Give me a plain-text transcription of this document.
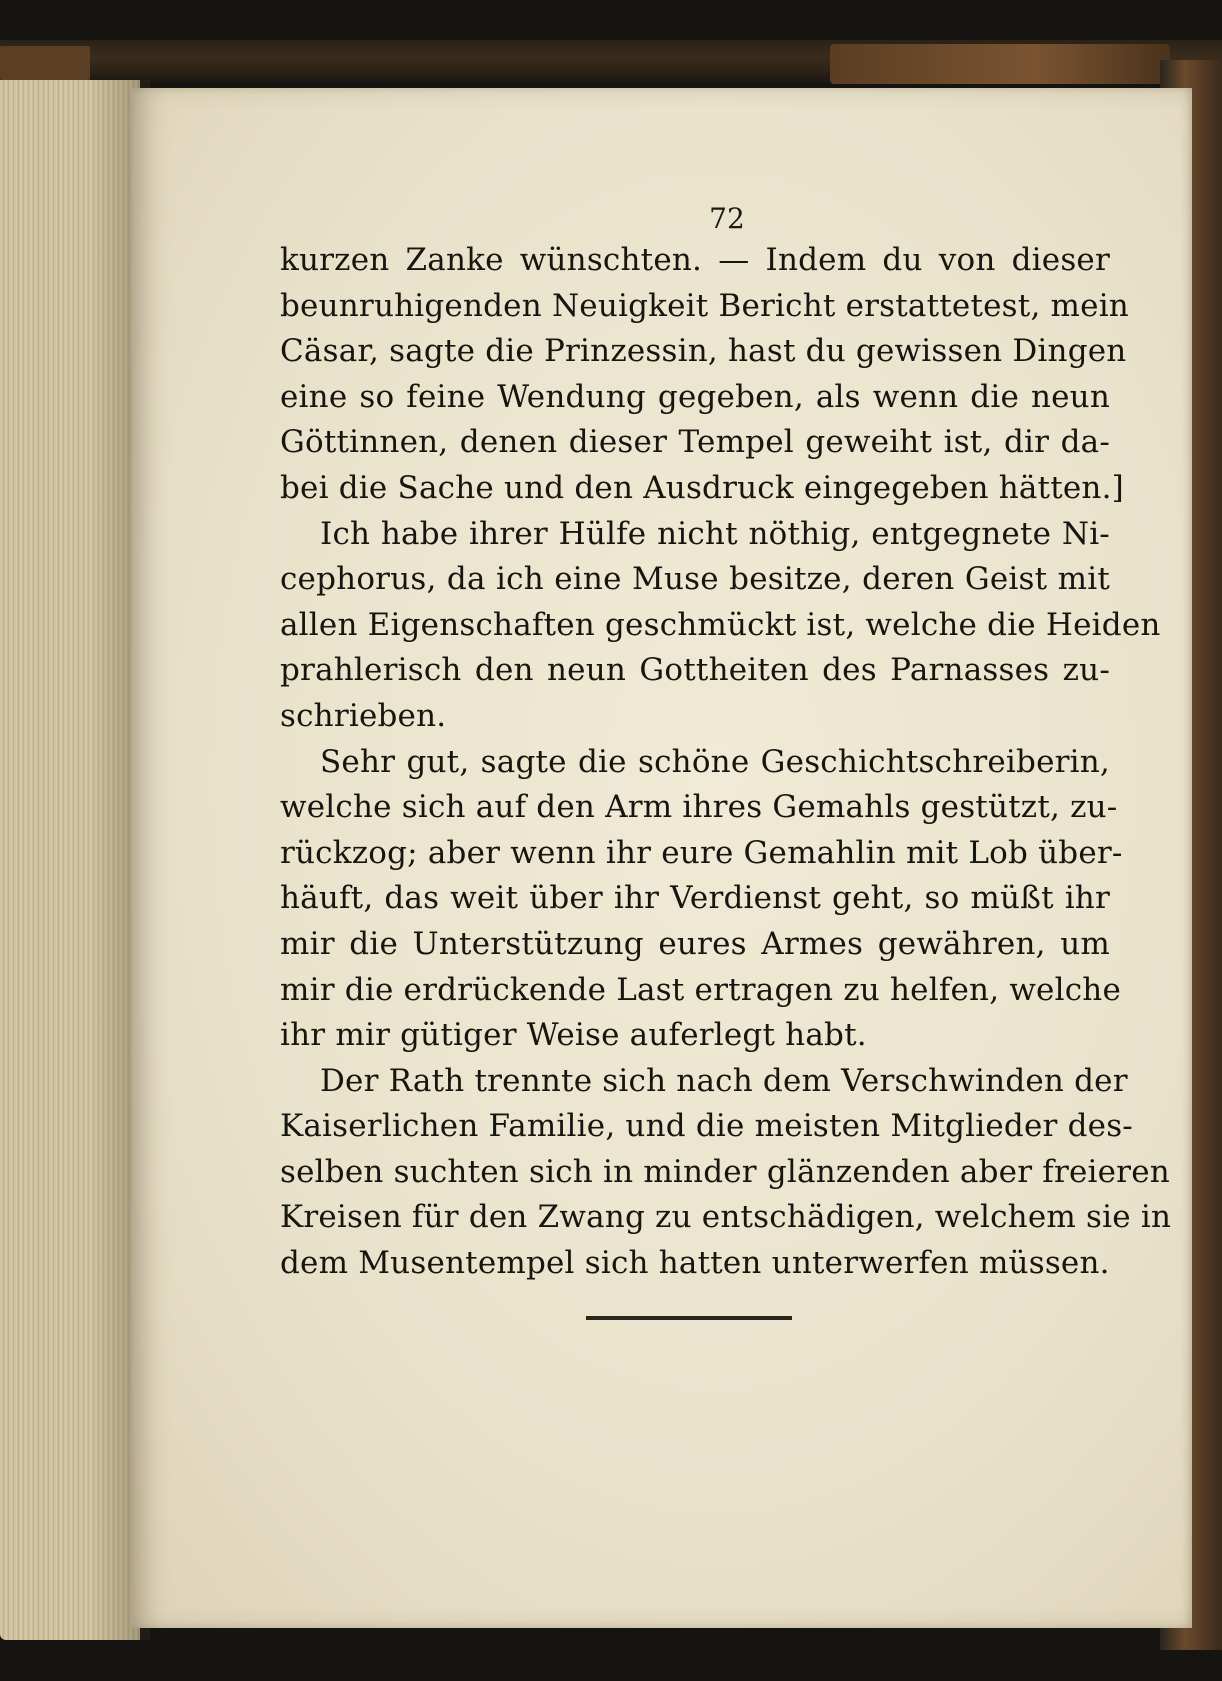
72
kurzen Zanke wünschten. — Indem du von dieser
beunruhigenden Neuigkeit Bericht erstattetest, mein
Cäsar, sagte die Prinzessin, hast du gewissen Dingen
eine so feine Wendung gegeben, als wenn die neun
Göttinnen, denen dieser Tempel geweiht ist, dir da-
bei die Sache und den Ausdruck eingegeben hätten.]
Ich habe ihrer Hülfe nicht nöthig, entgegnete Ni-
cephorus, da ich eine Muse besitze, deren Geist mit
allen Eigenschaften geschmückt ist, welche die Heiden
prahlerisch den neun Gottheiten des Parnasses zu-
schrieben.
Sehr gut, sagte die schöne Geschichtschreiberin,
welche sich auf den Arm ihres Gemahls gestützt, zu-
rückzog; aber wenn ihr eure Gemahlin mit Lob über-
häuft, das weit über ihr Verdienst geht, so müßt ihr
mir die Unterstützung eures Armes gewähren, um
mir die erdrückende Last ertragen zu helfen, welche
ihr mir gütiger Weise auferlegt habt.
Der Rath trennte sich nach dem Verschwinden der
Kaiserlichen Familie, und die meisten Mitglieder des-
selben suchten sich in minder glänzenden aber freieren
Kreisen für den Zwang zu entschädigen, welchem sie in
dem Musentempel sich hatten unterwerfen müssen.
